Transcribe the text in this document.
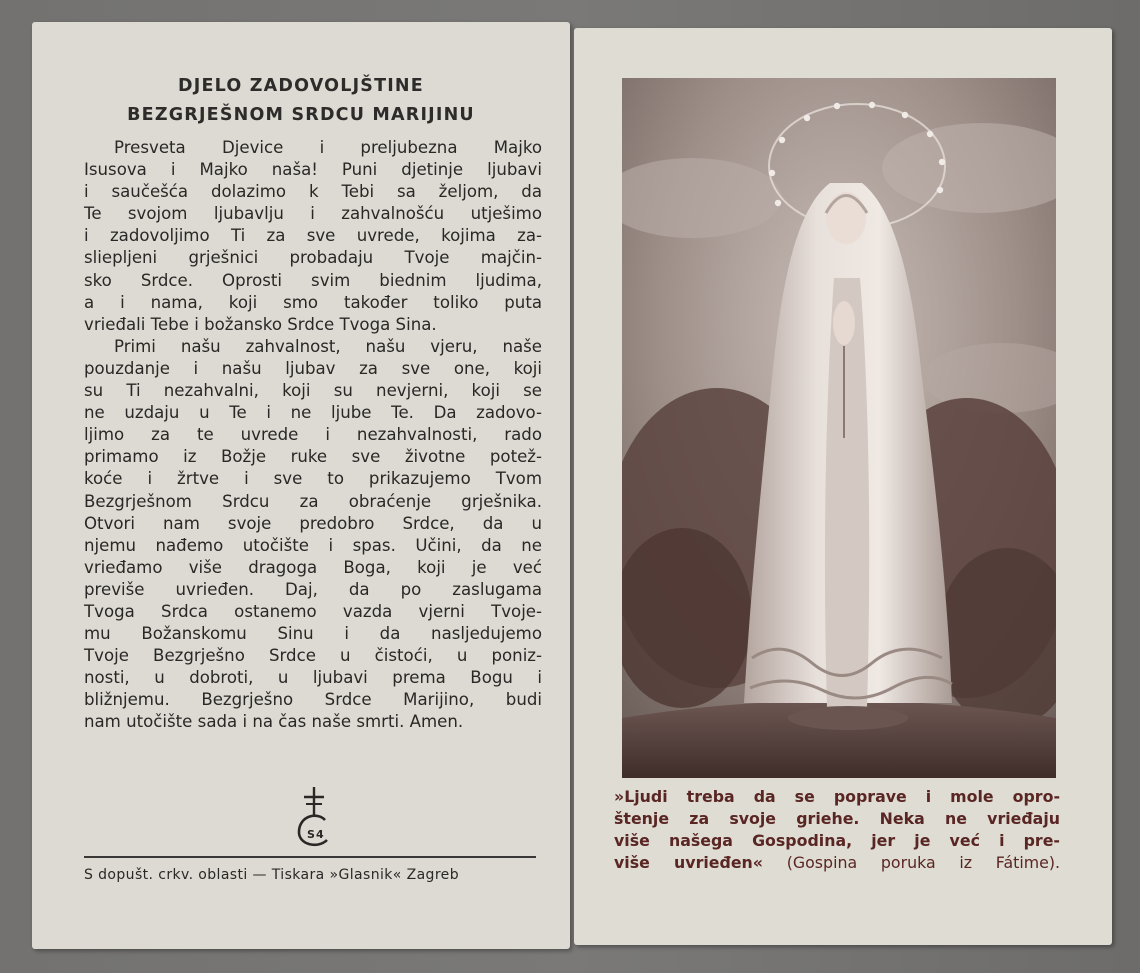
DJELO ZADOVOLJŠTINE
BEZGRJEŠNOM SRDCU MARIJINU
Presveta Djevice i preljubezna Majko
Isusova i Majko naša! Puni djetinje ljubavi
i saučešća dolazimo k Tebi sa željom, da
Te svojom ljubavlju i zahvalnošću utješimo
i zadovoljimo Ti za sve uvrede, kojima za-
sliepljeni grješnici probadaju Tvoje majčin-
sko Srdce. Oprosti svim biednim ljudima,
a i nama, koji smo također toliko puta
vrieđali Tebe i božansko Srdce Tvoga Sina.
Primi našu zahvalnost, našu vjeru, naše
pouzdanje i našu ljubav za sve one, koji
su Ti nezahvalni, koji su nevjerni, koji se
ne uzdaju u Te i ne ljube Te. Da zadovo-
ljimo za te uvrede i nezahvalnosti, rado
primamo iz Božje ruke sve životne potež-
koće i žrtve i sve to prikazujemo Tvom
Bezgrješnom Srdcu za obraćenje grješnika.
Otvori nam svoje predobro Srdce, da u
njemu nađemo utočište i spas. Učini, da ne
vrieđamo više dragoga Boga, koji je već
previše uvrieđen. Daj, da po zaslugama
Tvoga Srdca ostanemo vazda vjerni Tvoje-
mu Božanskomu Sinu i da nasljedujemo
Tvoje Bezgrješno Srdce u čistoći, u poniz-
nosti, u dobroti, u ljubavi prema Bogu i
bližnjemu. Bezgrješno Srdce Marijino, budi
nam utočište sada i na čas naše smrti. Amen.
S 4
S dopušt. crkv. oblasti — Tiskara »Glasnik« Zagreb
»Ljudi treba da se poprave i mole opro-
štenje za svoje griehe. Neka ne vrieđaju
više našega Gospodina, jer je već i pre-
više uvrieđen« (Gospina poruka iz Fátime).
